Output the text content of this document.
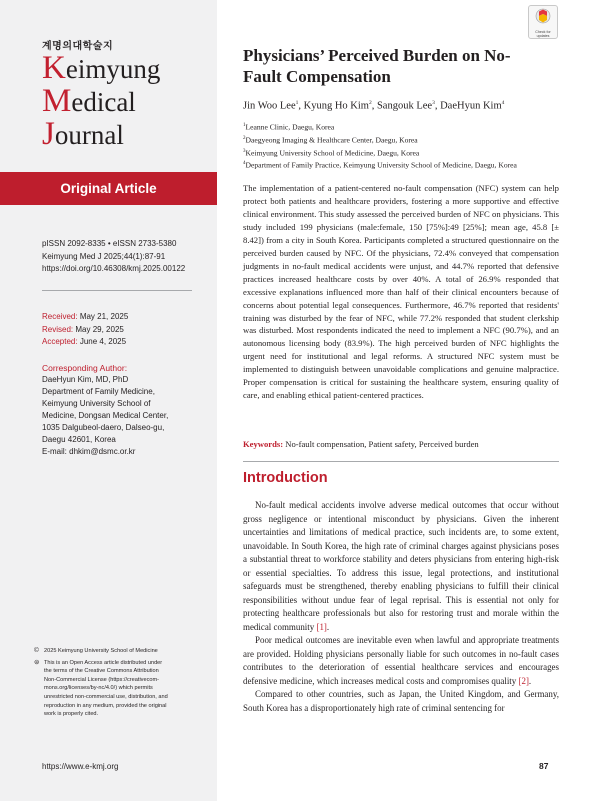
계명의대학술지

Keimyung
Medical
Journal
Original Article

pISSN 2092-8335 • eISSN 2733-5380

Keimyung Med J 2025;44(1):87-91

https://doi.org/10.46308/kmj.2025.00122

Received: May 21, 2025

Revised: May 29, 2025

Accepted: June 4, 2025

Corresponding Author:

DaeHyun Kim, MD, PhD

Department of Family Medicine,

Keimyung University School of

Medicine, Dongsan Medical Center,

1035 Dalgubeol-daero, Dalseo-gu,

Daegu 42601, Korea

E-mail: dhkim@dsmc.or.kr

© 2025 Keimyung University School of Medicine

⊜ This is an Open Access article distributed under
the terms of the Creative Commons Attribution
Non-Commercial License (https://creativecom-
mons.org/licenses/by-nc/4.0/) which permits
unrestricted non-commercial use, distribution, and
reproduction in any medium, provided the original
work is properly cited.
https://www.e-kmj.org
Check for
updates
Physicians’ Perceived Burden on No-Fault Compensation

Jin Woo Lee$^1$, Kyung Ho Kim$^2$, Sangouk Lee$^3$, DaeHyun Kim$^4$

$^1$Leanne Clinic, Daegu, Korea

$^2$Daegyeong Imaging & Healthcare Center, Daegu, Korea

$^3$Keimyung University School of Medicine, Daegu, Korea

$^4$Department of Family Practice, Keimyung University School of Medicine, Daegu, Korea

The implementation of a patient-centered no-fault compensation (NFC) system can help protect both patients and healthcare providers, fostering a more supportive and effective clinical environment. This study assessed the perceived burden of NFC on physicians. This study included 199 physicians (male:female, 150 [75%]:49 [25%]; mean age, 45.8 [± 8.42]) from a city in South Korea. Participants completed a structured questionnaire on the perceived burden caused by NFC. Of the physicians, 72.4% conveyed that compensation judgments in no-fault medical accidents were unjust, and 44.7% reported that defensive practices increased healthcare costs by over 40%. A total of 26.9% responded that excessive explanations influenced more than half of their clinical encounters because of concerns about potential legal consequences. Furthermore, 46.7% reported that residents' training was disturbed by the fear of NFC, while 77.2% responded that student clerkship was disturbed. Most respondents indicated the need to implement a NFC (90.7%), and an autonomous licensing body (83.9%). The high perceived burden of NFC highlights the urgent need for institutional and legal reforms. A structured NFC system must be implemented to distinguish between unavoidable complications and genuine malpractice. Proper compensation is critical for sustaining the healthcare system, ensuring quality of care, and enabling ethical patient-centered practices.

Keywords: No-fault compensation, Patient safety, Perceived burden

Introduction

No-fault medical accidents involve adverse medical outcomes that occur without gross negligence or intentional misconduct by physicians. Given the inherent uncertainties and limitations of medical practice, such incidents are, to some extent, unavoidable. In South Korea, the high rate of criminal charges against physicians poses a substantial threat to workforce stability and deters physicians from entering high-risk or essential specialties. To address this issue, legal protections, and institutional safeguards must be strengthened, thereby enabling physicians to fulfill their clinical responsibilities without undue fear of legal reprisal. This is essential not only for protecting healthcare professionals but also for restoring trust and morale within the medical community [1].

Poor medical outcomes are inevitable even when lawful and appropriate treatments are provided. Holding physicians personally liable for such outcomes in no-fault cases contributes to the deterioration of essential healthcare services and encourages defensive medicine, which increases medical costs and compromises quality [2].

Compared to other countries, such as Japan, the United Kingdom, and Germany, South Korea has a disproportionately high rate of criminal sentencing for

87
